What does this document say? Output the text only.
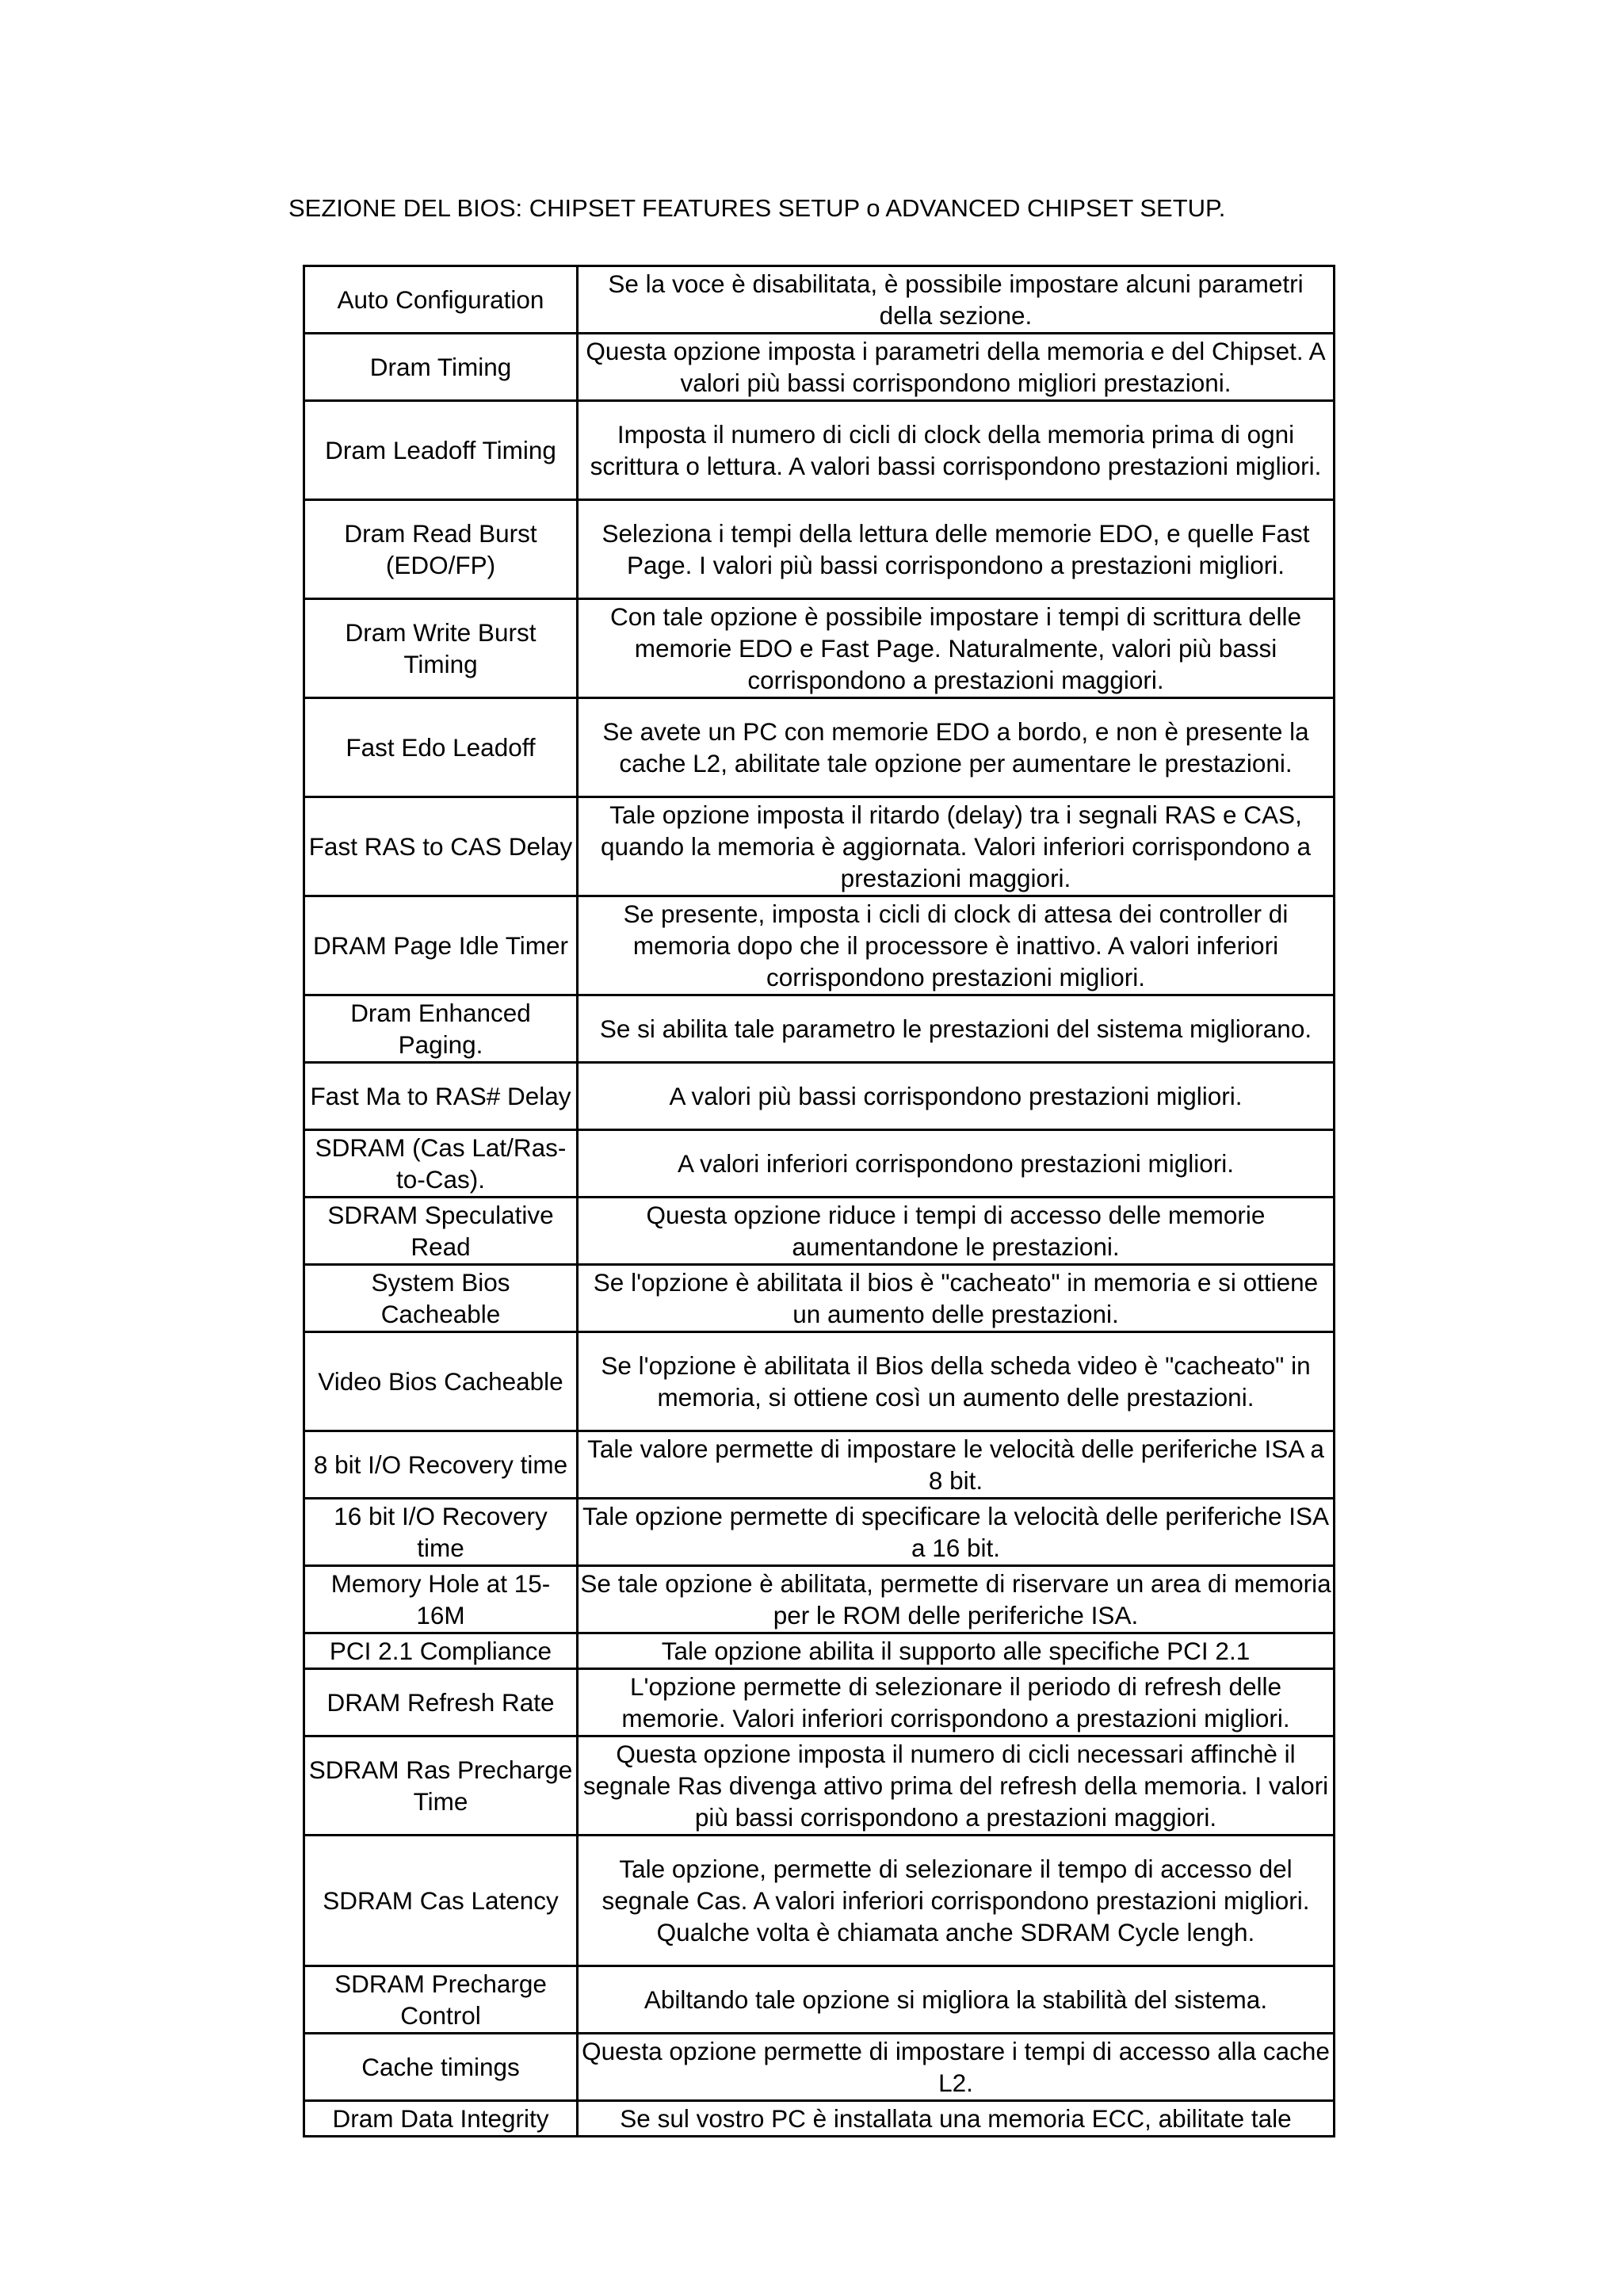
SEZIONE DEL BIOS: CHIPSET FEATURES SETUP o ADVANCED CHIPSET SETUP.
Auto Configuration	Se la voce è disabilitata, è possibile impostare alcuni parametri della sezione.
Dram Timing	Questa opzione imposta i parametri della memoria e del Chipset. A valori più bassi corrispondono migliori prestazioni.
Dram Leadoff Timing	Imposta il numero di cicli di clock della memoria prima di ogni scrittura o lettura. A valori bassi corrispondono prestazioni migliori.
Dram Read Burst (EDO/FP)	Seleziona i tempi della lettura delle memorie EDO, e quelle Fast Page. I valori più bassi corrispondono a prestazioni migliori.
Dram Write Burst Timing	Con tale opzione è possibile impostare i tempi di scrittura delle memorie EDO e Fast Page. Naturalmente, valori più bassi corrispondono a prestazioni maggiori.
Fast Edo Leadoff	Se avete un PC con memorie EDO a bordo, e non è presente la cache L2, abilitate tale opzione per aumentare le prestazioni.
Fast RAS to CAS Delay	Tale opzione imposta il ritardo (delay) tra i segnali RAS e CAS, quando la memoria è aggiornata. Valori inferiori corrispondono a prestazioni maggiori.
DRAM Page Idle Timer	Se presente, imposta i cicli di clock di attesa dei controller di memoria dopo che il processore è inattivo. A valori inferiori corrispondono prestazioni migliori.
Dram Enhanced Paging.	Se si abilita tale parametro le prestazioni del sistema migliorano.
Fast Ma to RAS# Delay	A valori più bassi corrispondono prestazioni migliori.
SDRAM (Cas Lat/Ras-to-Cas).	A valori inferiori corrispondono prestazioni migliori.
SDRAM Speculative Read	Questa opzione riduce i tempi di accesso delle memorie aumentandone le prestazioni.
System Bios Cacheable	Se l'opzione è abilitata il bios è "cacheato" in memoria e si ottiene un aumento delle prestazioni.
Video Bios Cacheable	Se l'opzione è abilitata il Bios della scheda video è "cacheato" in memoria, si ottiene così un aumento delle prestazioni.
8 bit I/O Recovery time	Tale valore permette di impostare le velocità delle periferiche ISA a 8 bit.
16 bit I/O Recovery time	Tale opzione permette di specificare la velocità delle periferiche ISA a 16 bit.
Memory Hole at 15-16M	Se tale opzione è abilitata, permette di riservare un area di memoria per le ROM delle periferiche ISA.
PCI 2.1 Compliance	Tale opzione abilita il supporto alle specifiche PCI 2.1
DRAM Refresh Rate	L'opzione permette di selezionare il periodo di refresh delle memorie. Valori inferiori corrispondono a prestazioni migliori.
SDRAM Ras Precharge Time	Questa opzione imposta il numero di cicli necessari affinchè il segnale Ras divenga attivo prima del refresh della memoria. I valori più bassi corrispondono a prestazioni maggiori.
SDRAM Cas Latency	Tale opzione, permette di selezionare il tempo di accesso del segnale Cas. A valori inferiori corrispondono prestazioni migliori. Qualche volta è chiamata anche SDRAM Cycle lengh.
SDRAM Precharge Control	Abiltando tale opzione si migliora la stabilità del sistema.
Cache timings	Questa opzione permette di impostare i tempi di accesso alla cache L2.
Dram Data Integrity	Se sul vostro PC è installata una memoria ECC, abilitate tale
